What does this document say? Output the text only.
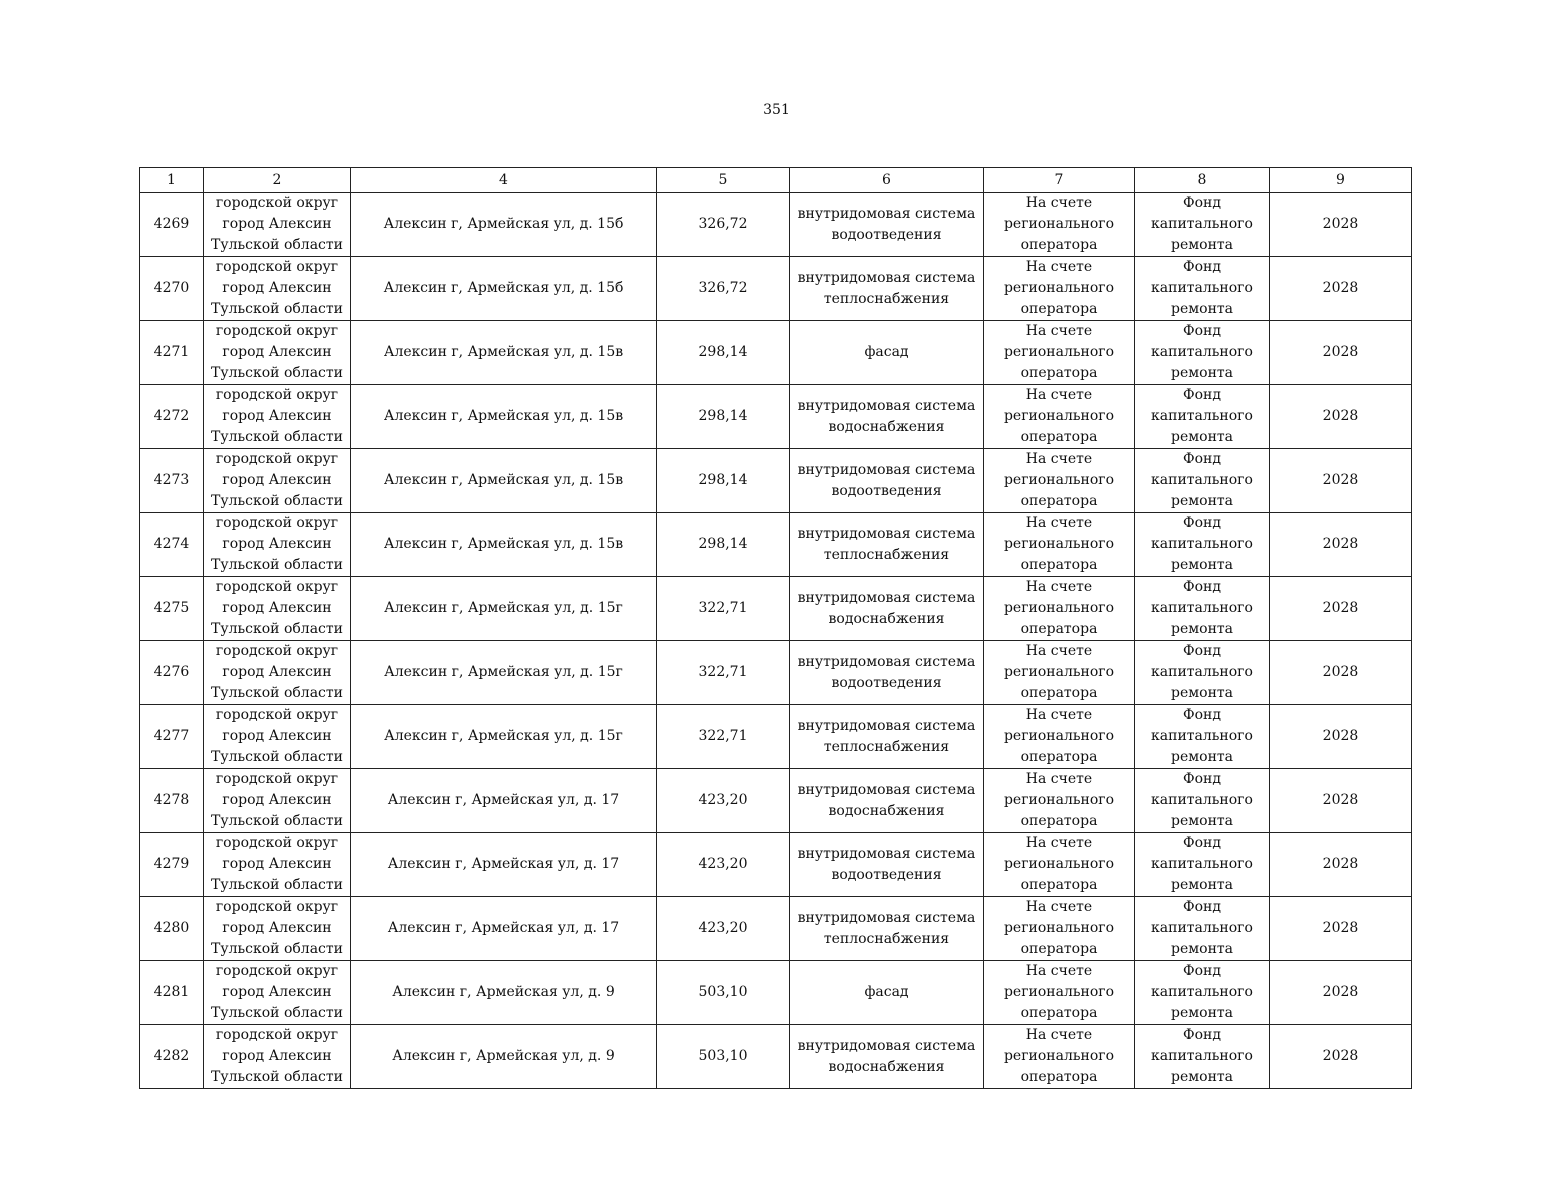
351
1	2	4	5	6	7	8	9

4269	городской округ
город Алексин
Тульской области	Алексин г, Армейская ул, д. 15б	326,72	внутридомовая система
водоотведения	На счете
регионального
оператора	Фонд
капитального
ремонта	2028

4270	городской округ
город Алексин
Тульской области	Алексин г, Армейская ул, д. 15б	326,72	внутридомовая система
теплоснабжения	На счете
регионального
оператора	Фонд
капитального
ремонта	2028

4271	городской округ
город Алексин
Тульской области	Алексин г, Армейская ул, д. 15в	298,14	фасад	На счете
регионального
оператора	Фонд
капитального
ремонта	2028

4272	городской округ
город Алексин
Тульской области	Алексин г, Армейская ул, д. 15в	298,14	внутридомовая система
водоснабжения	На счете
регионального
оператора	Фонд
капитального
ремонта	2028

4273	городской округ
город Алексин
Тульской области	Алексин г, Армейская ул, д. 15в	298,14	внутридомовая система
водоотведения	На счете
регионального
оператора	Фонд
капитального
ремонта	2028

4274	городской округ
город Алексин
Тульской области	Алексин г, Армейская ул, д. 15в	298,14	внутридомовая система
теплоснабжения	На счете
регионального
оператора	Фонд
капитального
ремонта	2028

4275	городской округ
город Алексин
Тульской области	Алексин г, Армейская ул, д. 15г	322,71	внутридомовая система
водоснабжения	На счете
регионального
оператора	Фонд
капитального
ремонта	2028

4276	городской округ
город Алексин
Тульской области	Алексин г, Армейская ул, д. 15г	322,71	внутридомовая система
водоотведения	На счете
регионального
оператора	Фонд
капитального
ремонта	2028

4277	городской округ
город Алексин
Тульской области	Алексин г, Армейская ул, д. 15г	322,71	внутридомовая система
теплоснабжения	На счете
регионального
оператора	Фонд
капитального
ремонта	2028

4278	городской округ
город Алексин
Тульской области	Алексин г, Армейская ул, д. 17	423,20	внутридомовая система
водоснабжения	На счете
регионального
оператора	Фонд
капитального
ремонта	2028

4279	городской округ
город Алексин
Тульской области	Алексин г, Армейская ул, д. 17	423,20	внутридомовая система
водоотведения	На счете
регионального
оператора	Фонд
капитального
ремонта	2028

4280	городской округ
город Алексин
Тульской области	Алексин г, Армейская ул, д. 17	423,20	внутридомовая система
теплоснабжения	На счете
регионального
оператора	Фонд
капитального
ремонта	2028

4281	городской округ
город Алексин
Тульской области	Алексин г, Армейская ул, д. 9	503,10	фасад	На счете
регионального
оператора	Фонд
капитального
ремонта	2028

4282	городской округ
город Алексин
Тульской области	Алексин г, Армейская ул, д. 9	503,10	внутридомовая система
водоснабжения	На счете
регионального
оператора	Фонд
капитального
ремонта	2028
